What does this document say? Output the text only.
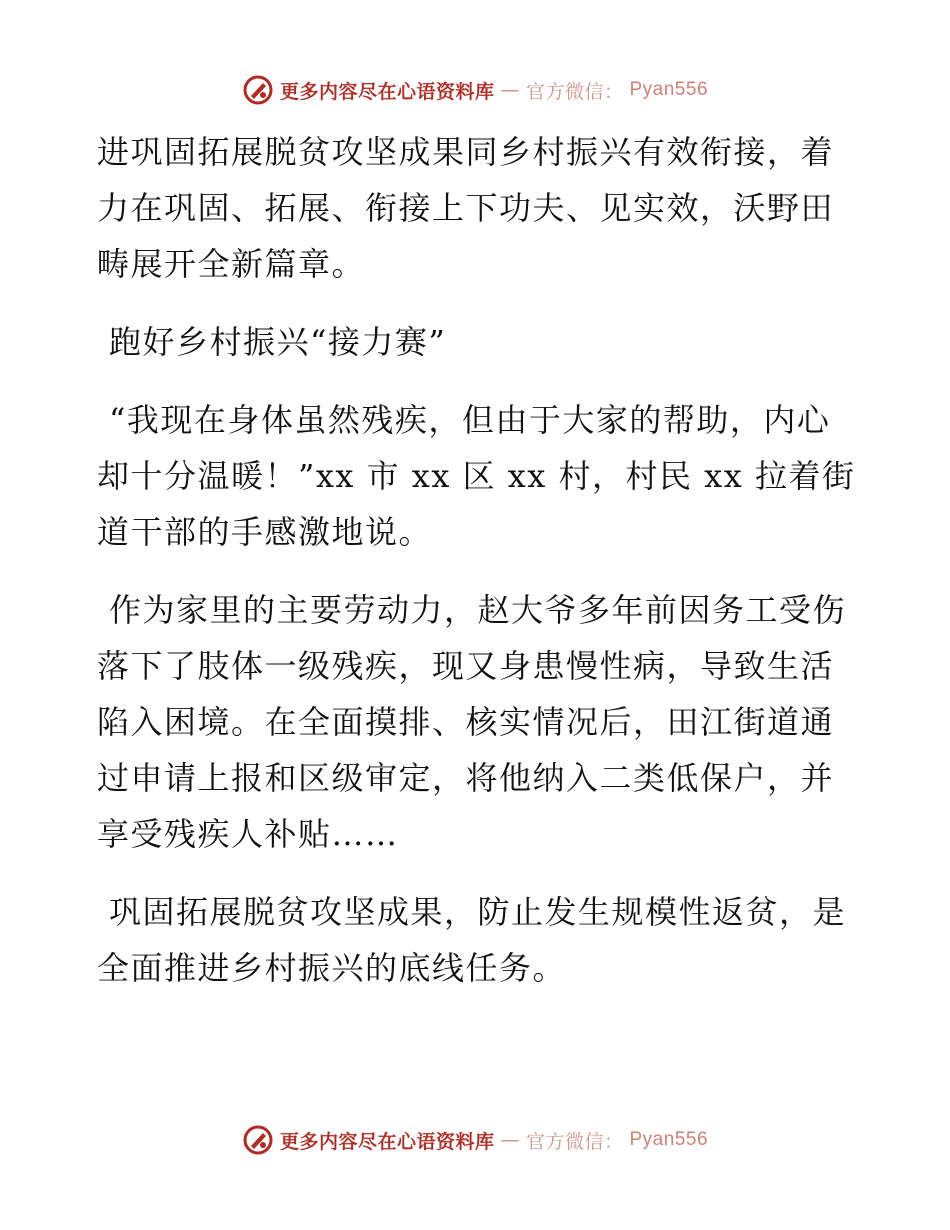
更多内容尽在心语资料库 — 官方微信： Pyan556

进巩固拓展脱贫攻坚成果同乡村振兴有效衔接，着力在巩固、拓展、衔接上下功夫、见实效，沃野田畴展开全新篇章。

跑好乡村振兴“接力赛”

“我现在身体虽然残疾，但由于大家的帮助，内心却十分温暖！”xx 市 xx 区 xx 村，村民 xx 拉着街道干部的手感激地说。

作为家里的主要劳动力，赵大爷多年前因务工受伤落下了肢体一级残疾，现又身患慢性病，导致生活陷入困境。在全面摸排、核实情况后，田江街道通过申请上报和区级审定，将他纳入二类低保户，并享受残疾人补贴……

巩固拓展脱贫攻坚成果，防止发生规模性返贫，是全面推进乡村振兴的底线任务。

更多内容尽在心语资料库 — 官方微信： Pyan556
